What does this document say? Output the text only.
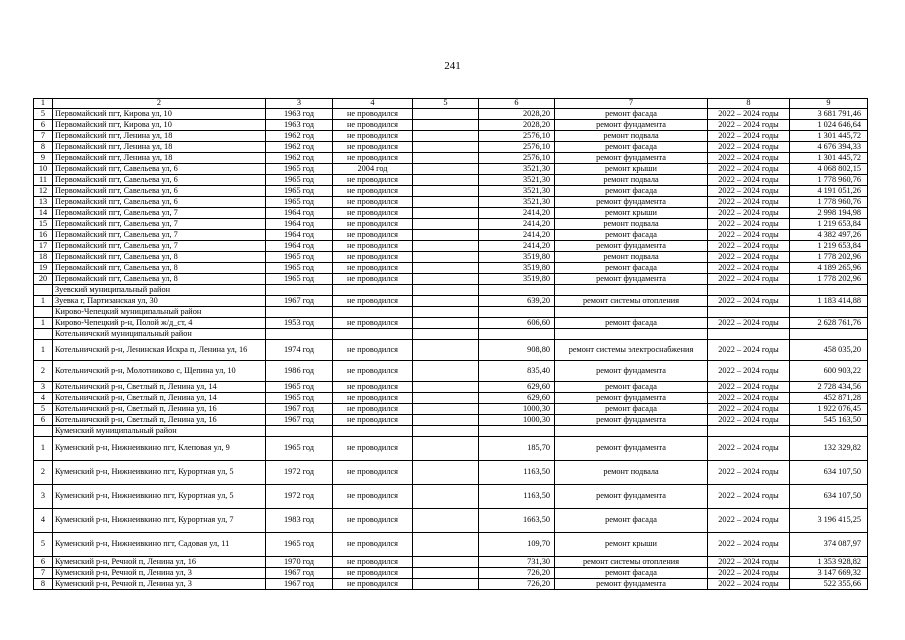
241
1	2	3	4	5	6	7	8	9
5	Первомайский пгт, Кирова ул, 10	1963 год	не проводился		2028,20	ремонт фасада	2022 – 2024 годы	3 681 791,46
6	Первомайский пгт, Кирова ул, 10	1963 год	не проводился		2028,20	ремонт фундамента	2022 – 2024 годы	1 024 646,64
7	Первомайский пгт, Ленина ул, 18	1962 год	не проводился		2576,10	ремонт подвала	2022 – 2024 годы	1 301 445,72
8	Первомайский пгт, Ленина ул, 18	1962 год	не проводился		2576,10	ремонт фасада	2022 – 2024 годы	4 676 394,33
9	Первомайский пгт, Ленина ул, 18	1962 год	не проводился		2576,10	ремонт фундамента	2022 – 2024 годы	1 301 445,72
10	Первомайский пгт, Савельева ул, 6	1965 год	2004 год		3521,30	ремонт крыши	2022 – 2024 годы	4 068 802,15
11	Первомайский пгт, Савельева ул, 6	1965 год	не проводился		3521,30	ремонт подвала	2022 – 2024 годы	1 778 960,76
12	Первомайский пгт, Савельева ул, 6	1965 год	не проводился		3521,30	ремонт фасада	2022 – 2024 годы	4 191 051,26
13	Первомайский пгт, Савельева ул, 6	1965 год	не проводился		3521,30	ремонт фундамента	2022 – 2024 годы	1 778 960,76
14	Первомайский пгт, Савельева ул, 7	1964 год	не проводился		2414,20	ремонт крыши	2022 – 2024 годы	2 998 194,98
15	Первомайский пгт, Савельева ул, 7	1964 год	не проводился		2414,20	ремонт подвала	2022 – 2024 годы	1 219 653,84
16	Первомайский пгт, Савельева ул, 7	1964 год	не проводился		2414,20	ремонт фасада	2022 – 2024 годы	4 382 497,26
17	Первомайский пгт, Савельева ул, 7	1964 год	не проводился		2414,20	ремонт фундамента	2022 – 2024 годы	1 219 653,84
18	Первомайский пгт, Савельева ул, 8	1965 год	не проводился		3519,80	ремонт подвала	2022 – 2024 годы	1 778 202,96
19	Первомайский пгт, Савельева ул, 8	1965 год	не проводился		3519,80	ремонт фасада	2022 – 2024 годы	4 189 265,96
20	Первомайский пгт, Савельева ул, 8	1965 год	не проводился		3519,80	ремонт фундамента	2022 – 2024 годы	1 778 202,96
	Зуевский муниципальный район							
1	Зуевка г, Партизанская ул, 30	1967 год	не проводился		639,20	ремонт системы отопления	2022 – 2024 годы	1 183 414,88
	Кирово-Чепецкий муниципальный район							
1	Кирово-Чепецкий р-н, Полой ж/д_ст, 4	1953 год	не проводился		606,60	ремонт фасада	2022 – 2024 годы	2 628 761,76
	Котельничский муниципальный район							
1	Котельничский р-н, Ленинская Искра п, Ленина ул, 16	1974 год	не проводился		908,80	ремонт системы электроснабжения	2022 – 2024 годы	458 035,20
2	Котельничский р-н, Молотниково с, Щепина ул, 10	1986 год	не проводился		835,40	ремонт фундамента	2022 – 2024 годы	600 903,22
3	Котельничский р-н, Светлый п, Ленина ул, 14	1965 год	не проводился		629,60	ремонт фасада	2022 – 2024 годы	2 728 434,56
4	Котельничский р-н, Светлый п, Ленина ул, 14	1965 год	не проводился		629,60	ремонт фундамента	2022 – 2024 годы	452 871,28
5	Котельничский р-н, Светлый п, Ленина ул, 16	1967 год	не проводился		1000,30	ремонт фасада	2022 – 2024 годы	1 922 076,45
6	Котельничский р-н, Светлый п, Ленина ул, 16	1967 год	не проводился		1000,30	ремонт фундамента	2022 – 2024 годы	545 163,50
	Куменский муниципальный район							
1	Куменский р-н, Нижнеивкино пгт, Клеповая ул, 9	1965 год	не проводился		185,70	ремонт фундамента	2022 – 2024 годы	132 329,82
2	Куменский р-н, Нижнеивкино пгт, Курортная ул, 5	1972 год	не проводился		1163,50	ремонт подвала	2022 – 2024 годы	634 107,50
3	Куменский р-н, Нижнеивкино пгт, Курортная ул, 5	1972 год	не проводился		1163,50	ремонт фундамента	2022 – 2024 годы	634 107,50
4	Куменский р-н, Нижнеивкино пгт, Курортная ул, 7	1983 год	не проводился		1663,50	ремонт фасада	2022 – 2024 годы	3 196 415,25
5	Куменский р-н, Нижнеивкино пгт, Садовая ул, 11	1965 год	не проводился		109,70	ремонт крыши	2022 – 2024 годы	374 087,97
6	Куменский р-н, Речной п, Ленина ул, 16	1970 год	не проводился		731,30	ремонт системы отопления	2022 – 2024 годы	1 353 928,82
7	Куменский р-н, Речной п, Ленина ул, 3	1967 год	не проводился		726,20	ремонт фасада	2022 – 2024 годы	3 147 669,32
8	Куменский р-н, Речной п, Ленина ул, 3	1967 год	не проводился		726,20	ремонт фундамента	2022 – 2024 годы	522 355,66
